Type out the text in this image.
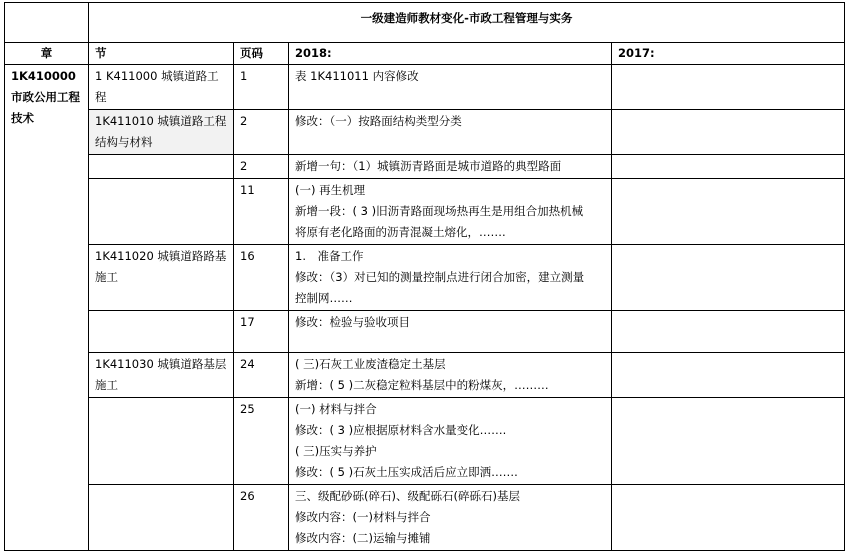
	一级建造师教材变化-市政工程管理与实务			
章	节	页码	2018:	2017:

1K410000 市政公用工程技术	1 K411000 城镇道路工程	1	表 1K411011 内容修改	

	1K411010 城镇道路工程结构与材料	2	修改：（一）按路面结构类型分类	

		2	新增一句：（1）城镇沥青路面是城市道路的典型路面	

		11	(一) 再生机理
新增一段：( 3 )旧沥青路面现场热再生是用组合加热机械
将原有老化路面的沥青混凝土熔化，…….	

	1K411020 城镇道路路基施工	16	1.　准备工作
修改：（3）对已知的测量控制点进行闭合加密，建立测量
控制网……	

		17	修改：检验与验收项目	

	1K411030 城镇道路基层施工	24	( 三)石灰工业废渣稳定土基层
新增：( 5 )二灰稳定粒料基层中的粉煤灰，………	

		25	(一) 材料与拌合
修改：( 3 )应根据原材料含水量变化…….
( 三)压实与养护
修改：( 5 )石灰土压实成活后应立即洒…….	

		26	三、级配砂砾(碎石)、级配砾石(碎砾石)基层
修改内容：(一)材料与拌合
修改内容：(二)运输与摊铺	
